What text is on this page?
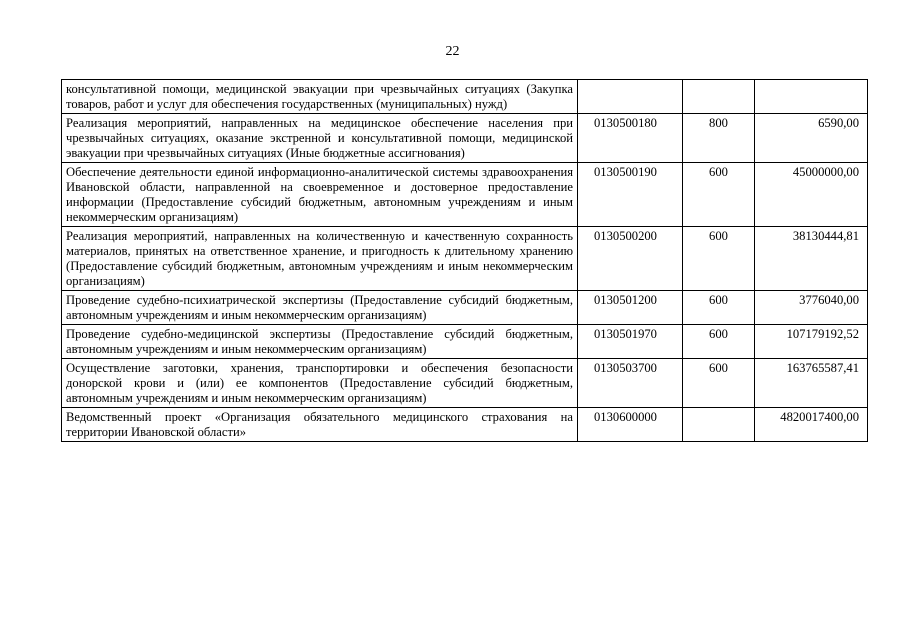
22
консультативной помощи, медицинской эвакуации при чрезвычайных ситуациях (Закупка товаров, работ и услуг для обеспечения государственных (муниципальных) нужд)			
Реализация мероприятий, направленных на медицинское обеспечение населения при чрезвычайных ситуациях, оказание экстренной и консультативной помощи, медицинской эвакуации при чрезвычайных ситуациях (Иные бюджетные ассигнования)	0130500180	800	6590,00
Обеспечение деятельности единой информационно-аналитической системы здравоохранения Ивановской области, направленной на своевременное и достоверное предоставление информации (Предоставление субсидий бюджетным, автономным учреждениям и иным некоммерческим организациям)	0130500190	600	45000000,00
Реализация мероприятий, направленных на количественную и качественную сохранность материалов, принятых на ответственное хранение, и пригодность к длительному хранению (Предоставление субсидий бюджетным, автономным учреждениям и иным некоммерческим организациям)	0130500200	600	38130444,81
Проведение судебно-психиатрической экспертизы (Предоставление субсидий бюджетным, автономным учреждениям и иным некоммерческим организациям)	0130501200	600	3776040,00
Проведение судебно-медицинской экспертизы (Предоставление субсидий бюджетным, автономным учреждениям и иным некоммерческим организациям)	0130501970	600	107179192,52
Осуществление заготовки, хранения, транспортировки и обеспечения безопасности донорской крови и (или) ее компонентов (Предоставление субсидий бюджетным, автономным учреждениям и иным некоммерческим организациям)	0130503700	600	163765587,41
Ведомственный проект «Организация обязательного медицинского страхования на территории Ивановской области»	0130600000		4820017400,00
